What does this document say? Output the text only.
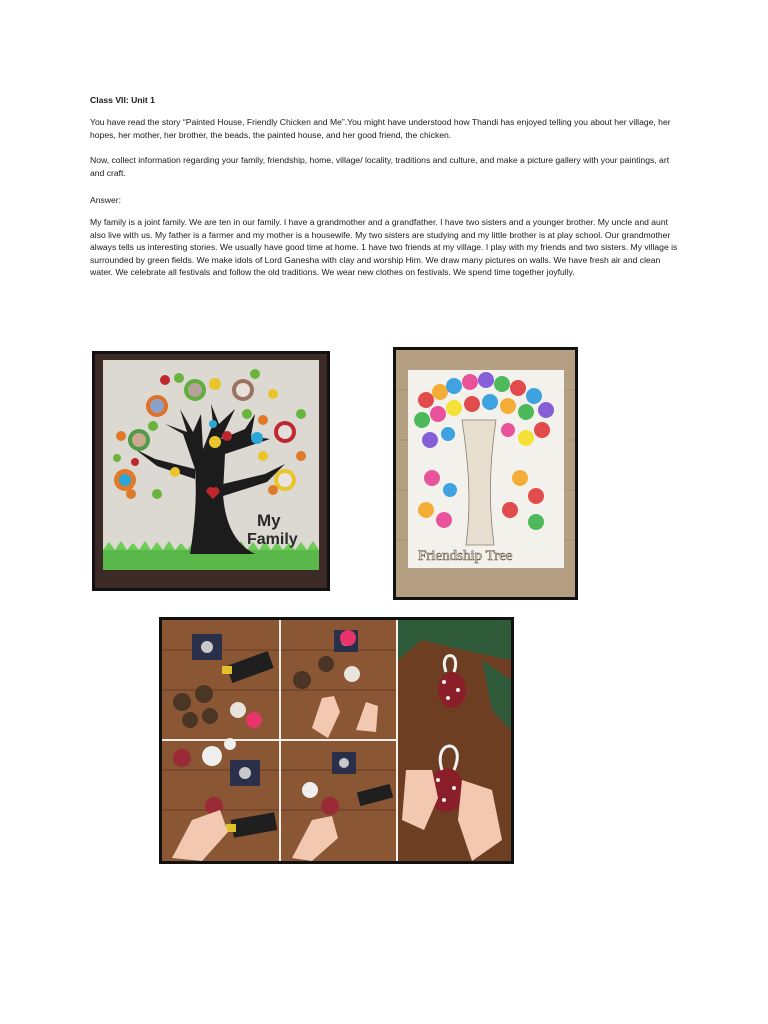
Class VII: Unit 1

You have read the story “Painted House, Friendly Chicken and Me”.You might have understood how Thandi has enjoyed telling you about her village, her hopes, her mother, her brother, the beads, the painted house, and her good friend, the chicken.

Now, collect information regarding your family, friendship, home, village/ locality, traditions and culture, and make a picture gallery with your paintings, art and craft.

Answer:

My family is a joint family. We are ten in our family. I have a grandmother and a grandfather. I have two sisters and a younger brother. My uncle and aunt also live with us. My father is a farmer and my mother is a housewife. My two sisters are studying and my little brother is at play school. Our grandmother always tells us interesting stories. We usually have good time at home. 1 have two friends at my village. I play with my friends and two sisters. My village is surrounded by green fields. We make idols of Lord Ganesha with clay and worship Him. We draw many pictures on walls. We have fresh air and clean water. We celebrate all festivals and follow the old traditions. We wear new clothes on festivals. We spend time together joyfully.

My
Family
Friendship Tree
